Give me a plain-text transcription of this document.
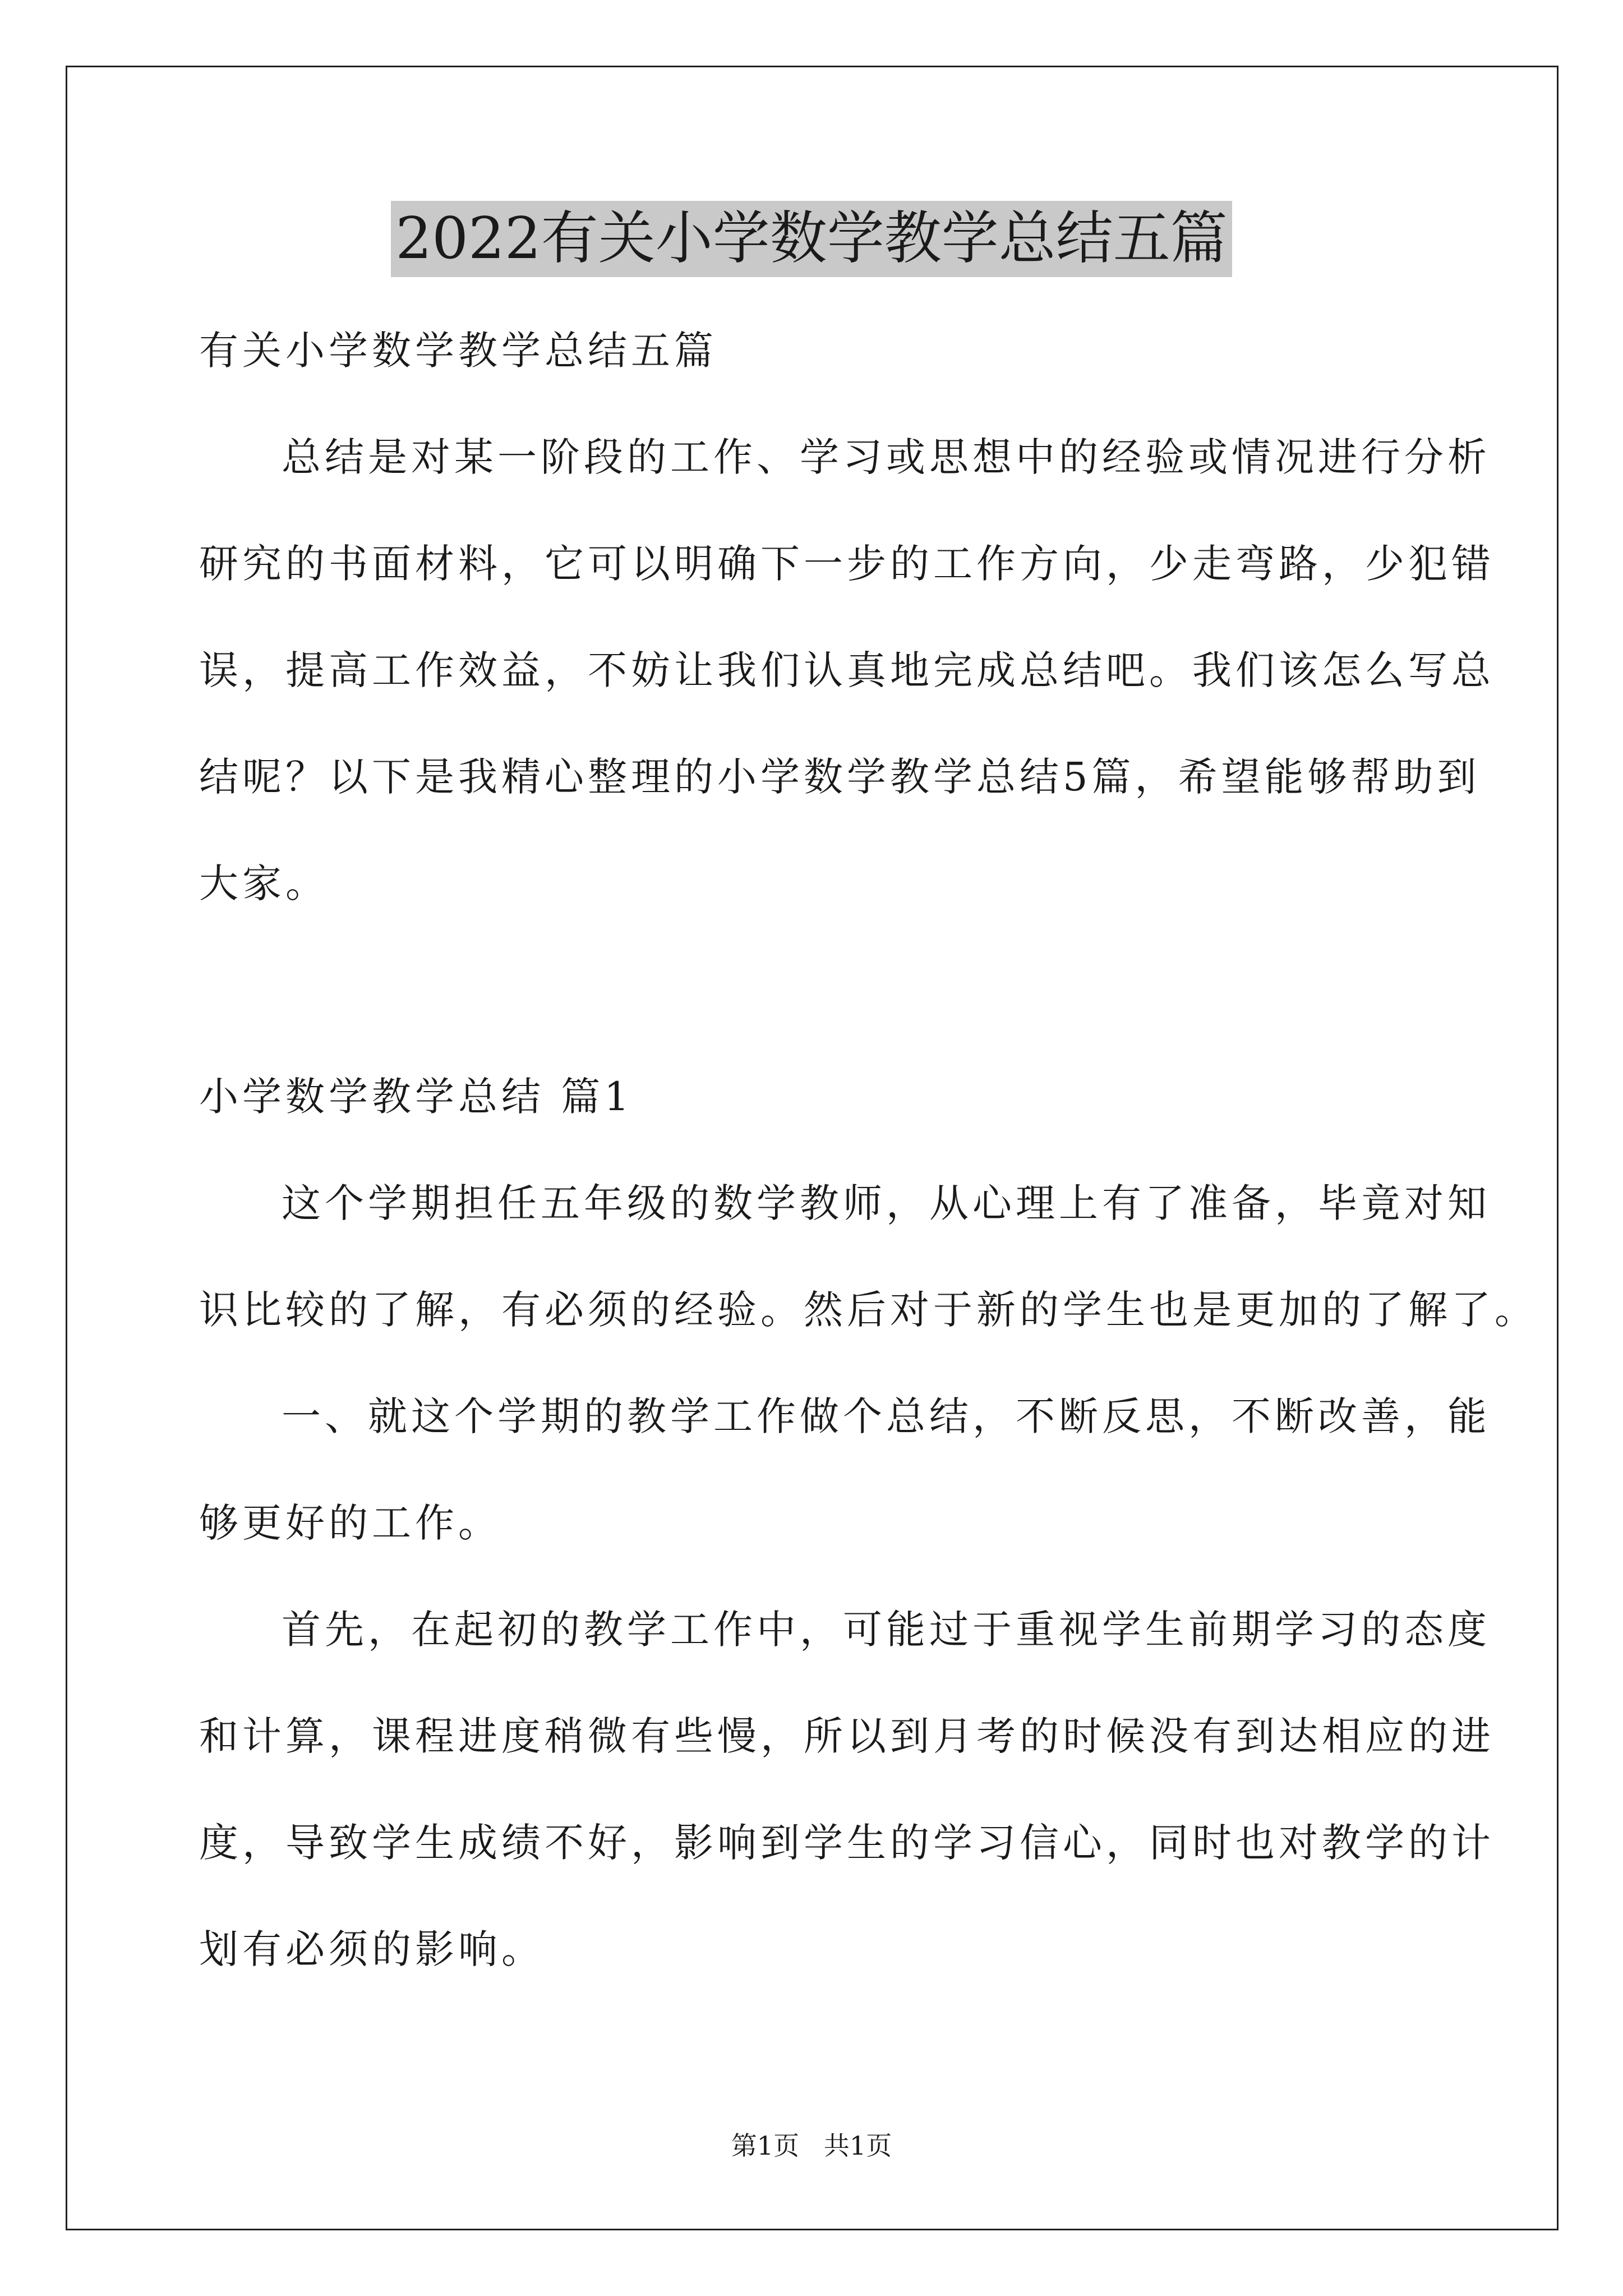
2022有关小学数学教学总结五篇
有关小学数学教学总结五篇
总结是对某一阶段的工作、学习或思想中的经验或情况进行分析
研究的书面材料，它可以明确下一步的工作方向，少走弯路，少犯错
误，提高工作效益，不妨让我们认真地完成总结吧。我们该怎么写总
结呢？以下是我精心整理的小学数学教学总结5篇，希望能够帮助到
大家。
小学数学教学总结 篇1
这个学期担任五年级的数学教师，从心理上有了准备，毕竟对知
识比较的了解，有必须的经验。然后对于新的学生也是更加的了解了。
一、就这个学期的教学工作做个总结，不断反思，不断改善，能
够更好的工作。
首先，在起初的教学工作中，可能过于重视学生前期学习的态度
和计算，课程进度稍微有些慢，所以到月考的时候没有到达相应的进
度，导致学生成绩不好，影响到学生的学习信心，同时也对教学的计
划有必须的影响。
第1页   共1页
